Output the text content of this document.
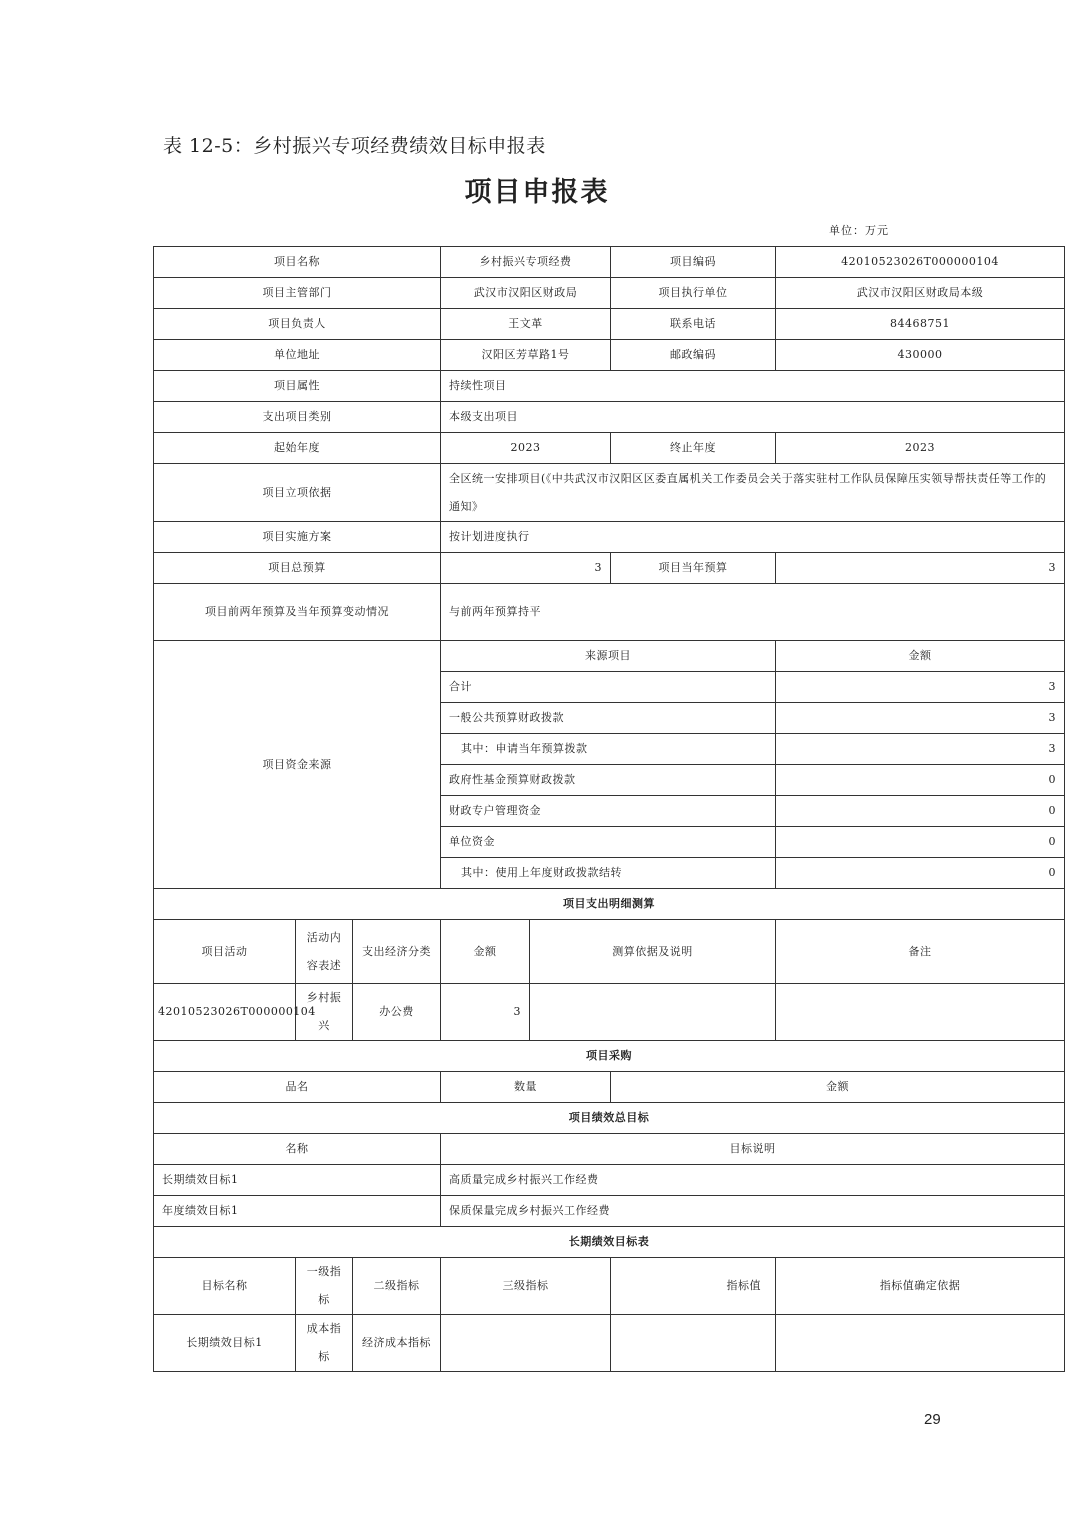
表 12-5：乡村振兴专项经费绩效目标申报表
项目申报表
单位：万元
项目名称			乡村振兴专项经费		项目编码	42010523026T000000104
项目主管部门			武汉市汉阳区财政局		项目执行单位	武汉市汉阳区财政局本级
项目负责人			王文革		联系电话	84468751
单位地址			汉阳区芳草路1号		邮政编码	430000
项目属性			持续性项目			
支出项目类别			本级支出项目			
起始年度			2023		终止年度	2023
项目立项依据			全区统一安排项目(《中共武汉市汉阳区区委直属机关工作委员会关于落实驻村工作队员保障压实领导帮扶责任等工作的通知》			
项目实施方案			按计划进度执行			
项目总预算			3		项目当年预算	3
项目前两年预算及当年预算变动情况			与前两年预算持平			
项目资金来源			来源项目			金额
			合计			3
			一般公共预算财政拨款			3
			其中：申请当年预算拨款			3
			政府性基金预算财政拨款			0
			财政专户管理资金			0
			单位资金			0
			其中：使用上年度财政拨款结转			0
项目支出明细测算						
项目活动	活动内容表述	支出经济分类	金额	测算依据及说明		备注
42010523026T000000104	乡村振兴	办公费	3			
项目采购						
品名			数量		金额	
项目绩效总目标						
名称			目标说明			
长期绩效目标1			高质量完成乡村振兴工作经费			
年度绩效目标1			保质保量完成乡村振兴工作经费			
长期绩效目标表						
目标名称	一级指标	二级指标	三级指标		指标值	指标值确定依据
长期绩效目标1	成本指标	经济成本指标				
29
